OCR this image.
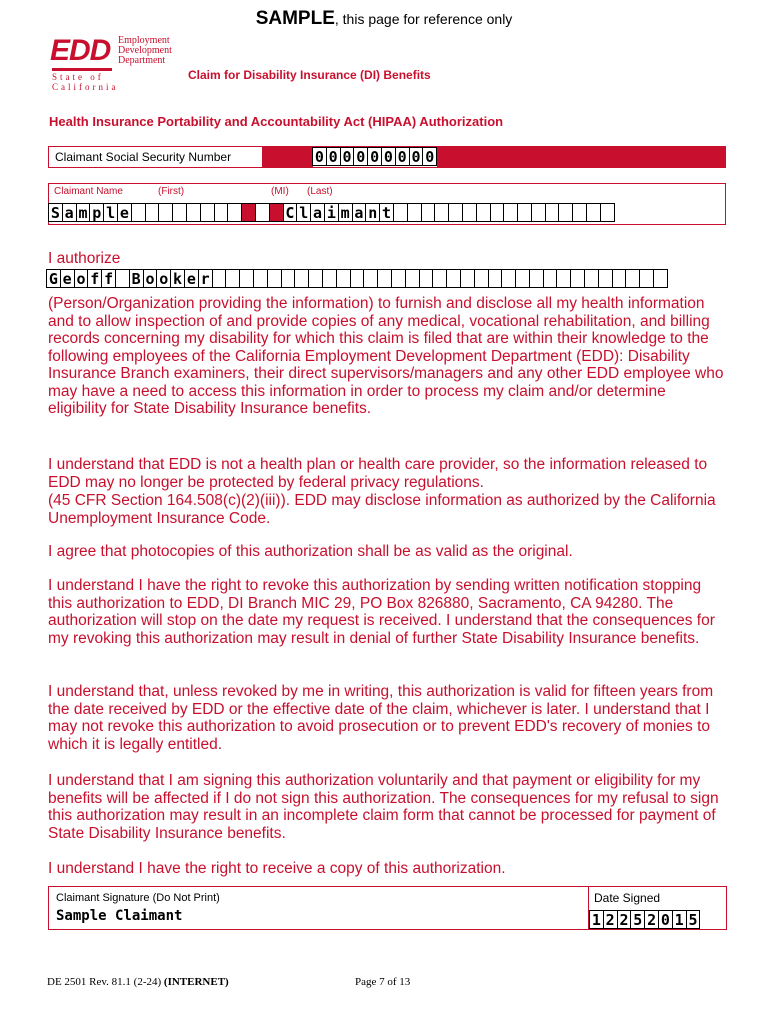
SAMPLE, this page for reference only
EDD Employment
Development
Department
State of California
Claim for Disability Insurance (DI) Benefits
Health Insurance Portability and Accountability Act (HIPAA) Authorization
Claimant Social Security Number	0 0 0 0 0 0 0 0 0
Claimant Name	(First)	(MI) (Last)
S a m p l e	C l a i m a n t
I authorize
G e o f f B o o k e r
(Person/Organization providing the information) to furnish and disclose all my health information and to allow inspection of and provide copies of any medical, vocational rehabilitation, and billing records concerning my disability for which this claim is filed that are within their knowledge to the following employees of the California Employment Development Department (EDD): Disability Insurance Branch examiners, their direct supervisors/managers and any other EDD employee who may have a need to access this information in order to process my claim and/or determine eligibility for State Disability Insurance benefits.
I understand that EDD is not a health plan or health care provider, so the information released to EDD may no longer be protected by federal privacy regulations.
(45 CFR Section 164.508(c)(2)(iii)). EDD may disclose information as authorized by the California Unemployment Insurance Code.
I agree that photocopies of this authorization shall be as valid as the original.
I understand I have the right to revoke this authorization by sending written notification stopping this authorization to EDD, DI Branch MIC 29, PO Box 826880, Sacramento, CA 94280. The authorization will stop on the date my request is received. I understand that the consequences for my revoking this authorization may result in denial of further State Disability Insurance benefits.
I understand that, unless revoked by me in writing, this authorization is valid for fifteen years from the date received by EDD or the effective date of the claim, whichever is later. I understand that I may not revoke this authorization to avoid prosecution or to prevent EDD's recovery of monies to which it is legally entitled.
I understand that I am signing this authorization voluntarily and that payment or eligibility for my benefits will be affected if I do not sign this authorization. The consequences for my refusal to sign this authorization may result in an incomplete claim form that cannot be processed for payment of State Disability Insurance benefits.
I understand I have the right to receive a copy of this authorization.
Claimant Signature (Do Not Print)
Sample Claimant
Date Signed
1 2 2 5 2 0 1 5
DE 2501 Rev. 81.1 (2-24) (INTERNET)	Page 7 of 13
